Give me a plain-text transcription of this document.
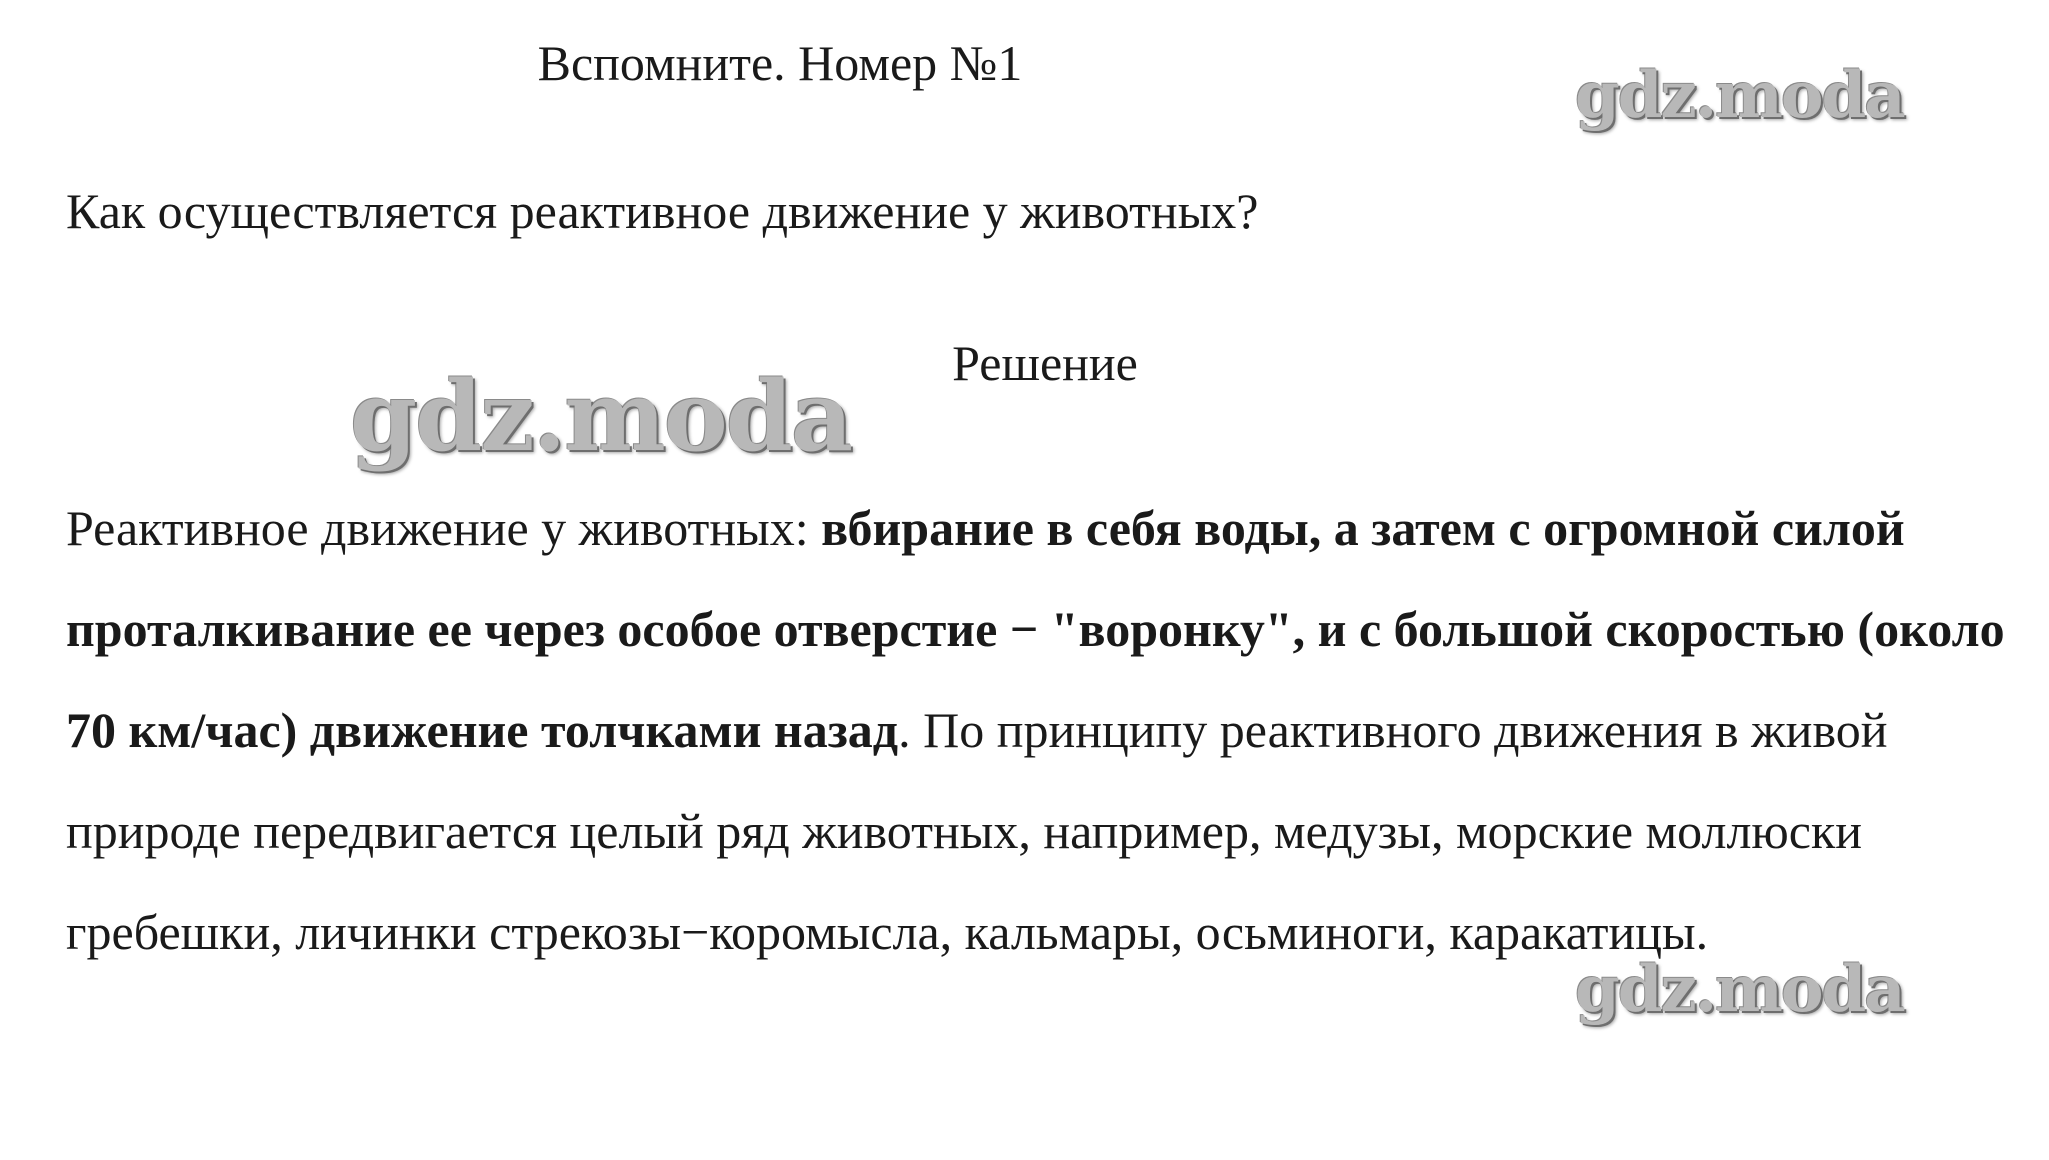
Вспомните. Номер №1
Как осуществляется реактивное движение у животных?
Решение
Реактивное движение у животных: вбирание в себя воды, а затем с огромной силой проталкивание ее через особое отверстие − "воронку", и с большой скоростью (около 70 км/час) движение толчками назад. По принципу реактивного движения в живой природе передвигается целый ряд животных, например, медузы, морские моллюски гребешки, личинки стрекозы−коромысла, кальмары, осьминоги, каракатицы.
gdz.moda
gdz.moda
gdz.moda
